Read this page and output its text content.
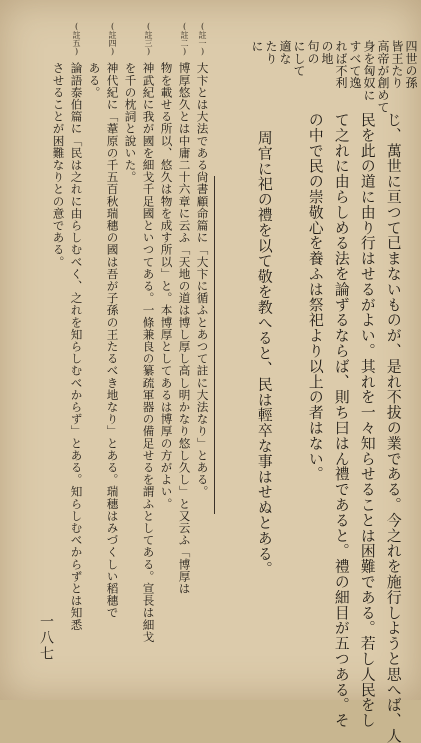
四世の孫
皆王たり
高帝が創めて
身を匈奴に
すべて逸
れば不利
の地
句の
にして
適な
たり
に
じ、萬世に亘つて已まないものが、是れ不拔の業である。今之れを施行しようと思へば、人
民を此の道に由り行はせるがよい。其れを一々知らせることは困難である。若し人民をし
て之れに由らしめる法を論ずるならば、則ち曰はん禮であると。禮の細目が五つある。そ
の中で民の崇敬心を養ふは祭祀より以上の者はない。
周官に祀の禮を以て敬を教へると、民は輕卒な事はせぬとある。
(註一)
(註二)
(註三)
(註四)
(註五)
大卞とは大法である尙書顧命篇に「大卞に循ふとあつて註に大法なり」とある。
博厚悠久とは中庸二十六章に云ふ「天地の道は博し厚し高し明かなり悠し久し」と又云ふ「博厚は
物を載せる所以、悠久は物を成す所以」と。本博厚としてあるは博厚の方がよい。
神武紀に我が國を細戈千足國といつてある。一條兼良の纂疏軍器の備足せるを謂ふとしてある。宣長は細戈
を千の枕詞と說いた。
神代紀に「葦原の千五百秋瑞穗の國は吾が子孫の王たるべき地なり」とある。瑞穗はみづくしい稻穗で
ある。
論語泰伯篇に「民は之れに由らしむべく、之れを知らしむべからず」とある。知らしむべからずとは知悉
させることが困難なりとの意である。
一八七
